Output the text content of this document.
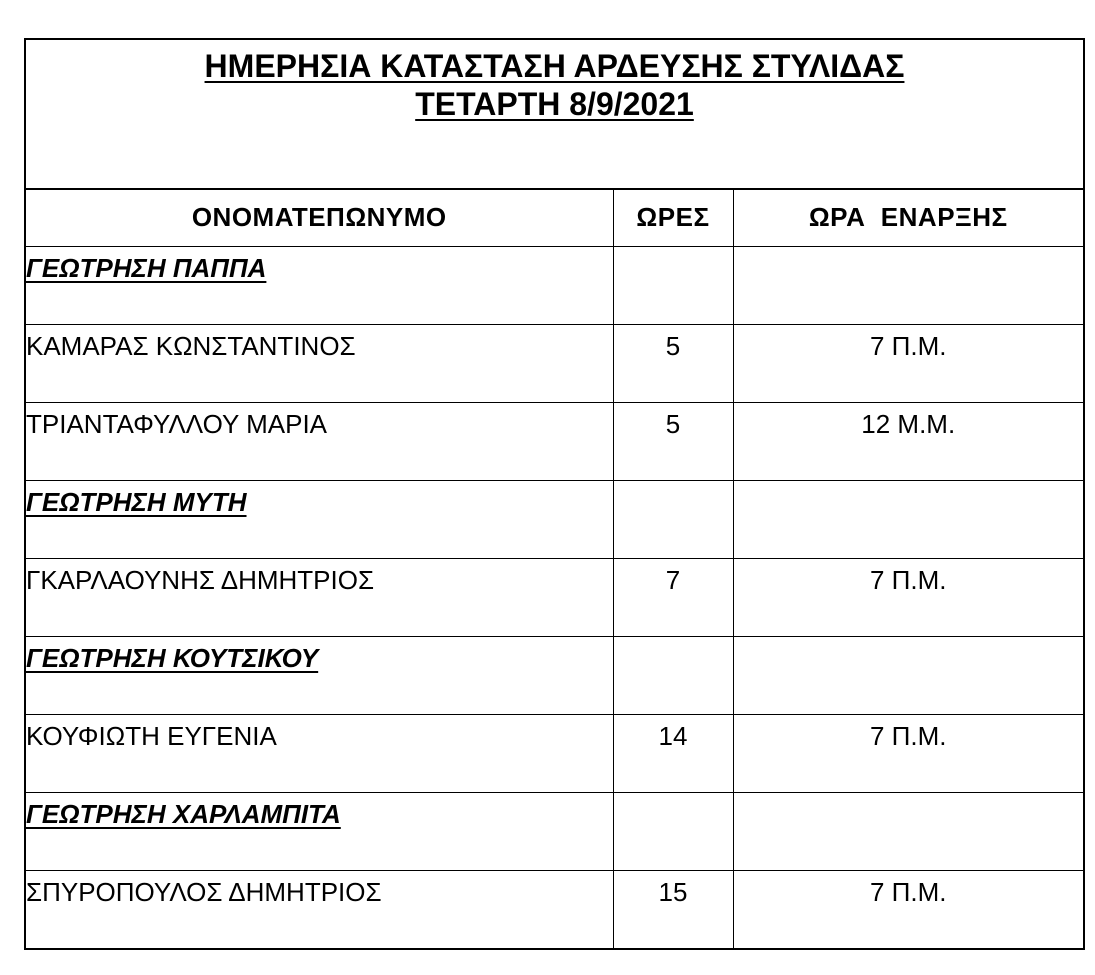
ΗΜΕΡΗΣΙΑ ΚΑΤΑΣΤΑΣΗ ΑΡΔΕΥΣΗΣ ΣΤΥΛΙΔΑΣ
ΤΕΤΑΡΤΗ 8/9/2021
ΟΝΟΜΑΤΕΠΩΝΥΜΟ	ΩΡΕΣ	ΩΡΑ  ΕΝΑΡΞΗΣ
ΓΕΩΤΡΗΣΗ ΠΑΠΠΑ		
ΚΑΜΑΡΑΣ ΚΩΝΣΤΑΝΤΙΝΟΣ	5	7 Π.Μ.
ΤΡΙΑΝΤΑΦΥΛΛΟΥ ΜΑΡΙΑ	5	12 Μ.Μ.
ΓΕΩΤΡΗΣΗ ΜΥΤΗ		
ΓΚΑΡΛΑΟΥΝΗΣ ΔΗΜΗΤΡΙΟΣ	7	7 Π.Μ.
ΓΕΩΤΡΗΣΗ ΚΟΥΤΣΙΚΟΥ		
ΚΟΥΦΙΩΤΗ ΕΥΓΕΝΙΑ	14	7 Π.Μ.
ΓΕΩΤΡΗΣΗ ΧΑΡΛΑΜΠΙΤΑ		
ΣΠΥΡΟΠΟΥΛΟΣ ΔΗΜΗΤΡΙΟΣ	15	7 Π.Μ.
